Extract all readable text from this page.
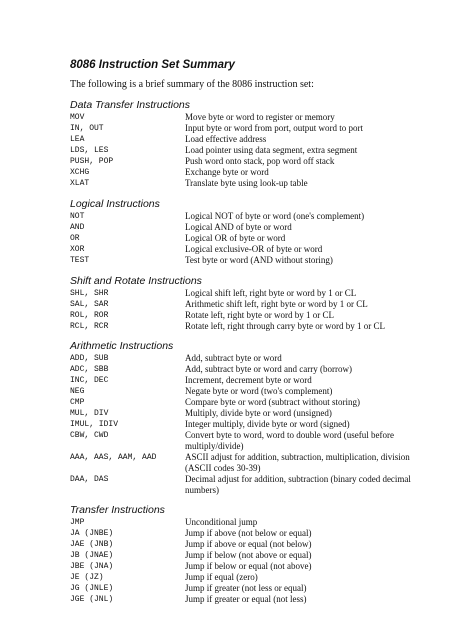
8086 Instruction Set Summary

The following is a brief summary of the 8086 instruction set:

Data Transfer Instructions
MOV	Move byte or word to register or memory
IN, OUT	Input byte or word from port, output word to port
LEA	Load effective address
LDS, LES	Load pointer using data segment, extra segment
PUSH, POP	Push word onto stack, pop word off stack
XCHG	Exchange byte or word
XLAT	Translate byte using look-up table
Logical Instructions
NOT	Logical NOT of byte or word (one's complement)
AND	Logical AND of byte or word
OR	Logical OR of byte or word
XOR	Logical exclusive-OR of byte or word
TEST	Test byte or word (AND without storing)
Shift and Rotate Instructions
SHL, SHR	Logical shift left, right byte or word by 1 or CL
SAL, SAR	Arithmetic shift left, right byte or word by 1 or CL
ROL, ROR	Rotate left, right byte or word by 1 or CL
RCL, RCR	Rotate left, right through carry byte or word by 1 or CL
Arithmetic Instructions
ADD, SUB	Add, subtract byte or word
ADC, SBB	Add, subtract byte or word and carry (borrow)
INC, DEC	Increment, decrement byte or word
NEG	Negate byte or word (two's complement)
CMP	Compare byte or word (subtract without storing)
MUL, DIV	Multiply, divide byte or word (unsigned)
IMUL, IDIV	Integer multiply, divide byte or word (signed)
CBW, CWD	Convert byte to word, word to double word (useful before multiply/divide)
AAA, AAS, AAM, AAD	ASCII adjust for addition, subtraction, multiplication, division (ASCII codes 30-39)
DAA, DAS	Decimal adjust for addition, subtraction (binary coded decimal numbers)
Transfer Instructions
JMP	Unconditional jump
JA (JNBE)	Jump if above (not below or equal)
JAE (JNB)	Jump if above or equal (not below)
JB (JNAE)	Jump if below (not above or equal)
JBE (JNA)	Jump if below or equal (not above)
JE (JZ)	Jump if equal (zero)
JG (JNLE)	Jump if greater (not less or equal)
JGE (JNL)	Jump if greater or equal (not less)
